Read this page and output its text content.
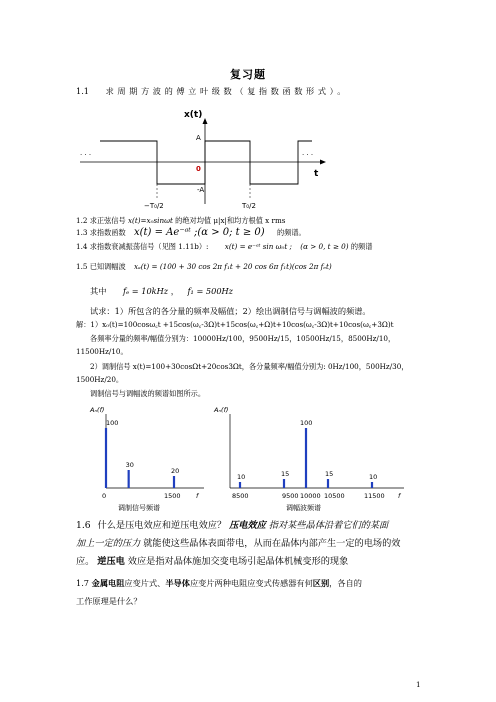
复习题
1.1 求周期方波的傅立叶级数（复指数函数形式）。
x(t)
t
A
0
-A
−T₀/2	T₀/2
· · ·	· · ·
1.2 求正弦信号 x(t)=x₀sinωt 的绝对均值 μ|x|和均方根值 x rms
1.3 求指数函数 x(t) = Ae⁻ᵃᵗ ;(α > 0; t ≥ 0) 的频谱。
1.4 求指数衰减振荡信号（见图 1.11b）: x(t) = e⁻ᵃᵗ sin ω₀t ; (α > 0, t ≥ 0) 的频谱
1.5 已知调幅波 xₐ(t) = (100 + 30 cos 2π f₁t + 20 cos 6π f₁t)(cos 2π fₑt)
其中 fₑ = 10kHz ， f₁ = 500Hz
试求：1）所包含的各分量的频率及幅值；2）绘出调制信号与调幅波的频谱。
解：1）x₀(t)=100cosω꜀t +15cos(ω꜀-3Ω)t+15cos(ω꜀+Ω)t+10cos(ω꜀-3Ω)t+10cos(ω꜀+3Ω)t
各频率分量的频率/幅值分别为：10000Hz/100，9500Hz/15，10500Hz/15，8500Hz/10，
11500Hz/10。
2）调制信号 x(t)=100+30cosΩt+20cos3Ωt，各分量频率/幅值分别为: 0Hz/100，500Hz/30，
1500Hz/20。
调制信号与调幅波的频谱如图所示。
Aₙ(f)
f
0	1500
调制信号频谱
100
30
20
Aₙ(f)
f
8500	9500 10000 10500	11500
调幅波频谱
10	15
100
15	10
1.6 什么是压电效应和逆压电效应？ 压电效应 指对某些晶体沿着它们的某面
加上一定的压力 就能使这些晶体表面带电，从而在晶体内部产生一定的电场的效
应。 逆压电 效应是指对晶体施加交变电场引起晶体机械变形的现象
1.7 金属电阻应变片式、半导体应变片两种电阻应变式传感器有何区别，各自的
工作原理是什么？
1
